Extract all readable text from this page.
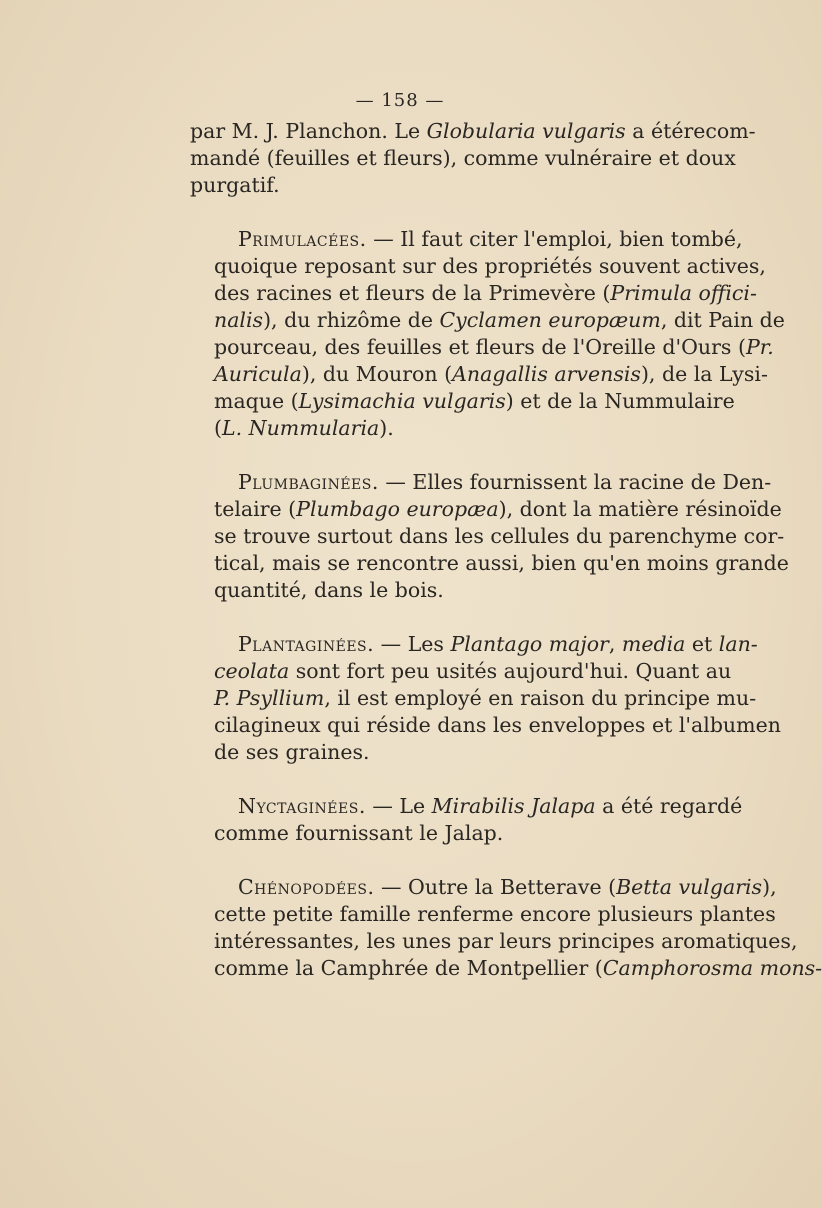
— 158 —
par M. J. Planchon. Le Globularia vulgaris a étérecom-
mandé (feuilles et fleurs), comme vulnéraire et doux
purgatif.
Primulacées. — Il faut citer l'emploi, bien tombé,
quoique reposant sur des propriétés souvent actives,
des racines et fleurs de la Primevère (Primula offici-
nalis), du rhizôme de Cyclamen europæum, dit Pain de
pourceau, des feuilles et fleurs de l'Oreille d'Ours (Pr.
Auricula), du Mouron (Anagallis arvensis), de la Lysi-
maque (Lysimachia vulgaris) et de la Nummulaire
(L. Nummularia).
Plumbaginées. — Elles fournissent la racine de Den-
telaire (Plumbago europæa), dont la matière résinoïde
se trouve surtout dans les cellules du parenchyme cor-
tical, mais se rencontre aussi, bien qu'en moins grande
quantité, dans le bois.
Plantaginées. — Les Plantago major, media et lan-
ceolata sont fort peu usités aujourd'hui. Quant au
P. Psyllium, il est employé en raison du principe mu-
cilagineux qui réside dans les enveloppes et l'albumen
de ses graines.
Nyctaginées. — Le Mirabilis Jalapa a été regardé
comme fournissant le Jalap.
Chénopodées. — Outre la Betterave (Betta vulgaris),
cette petite famille renferme encore plusieurs plantes
intéressantes, les unes par leurs principes aromatiques,
comme la Camphrée de Montpellier (Camphorosma mons-
